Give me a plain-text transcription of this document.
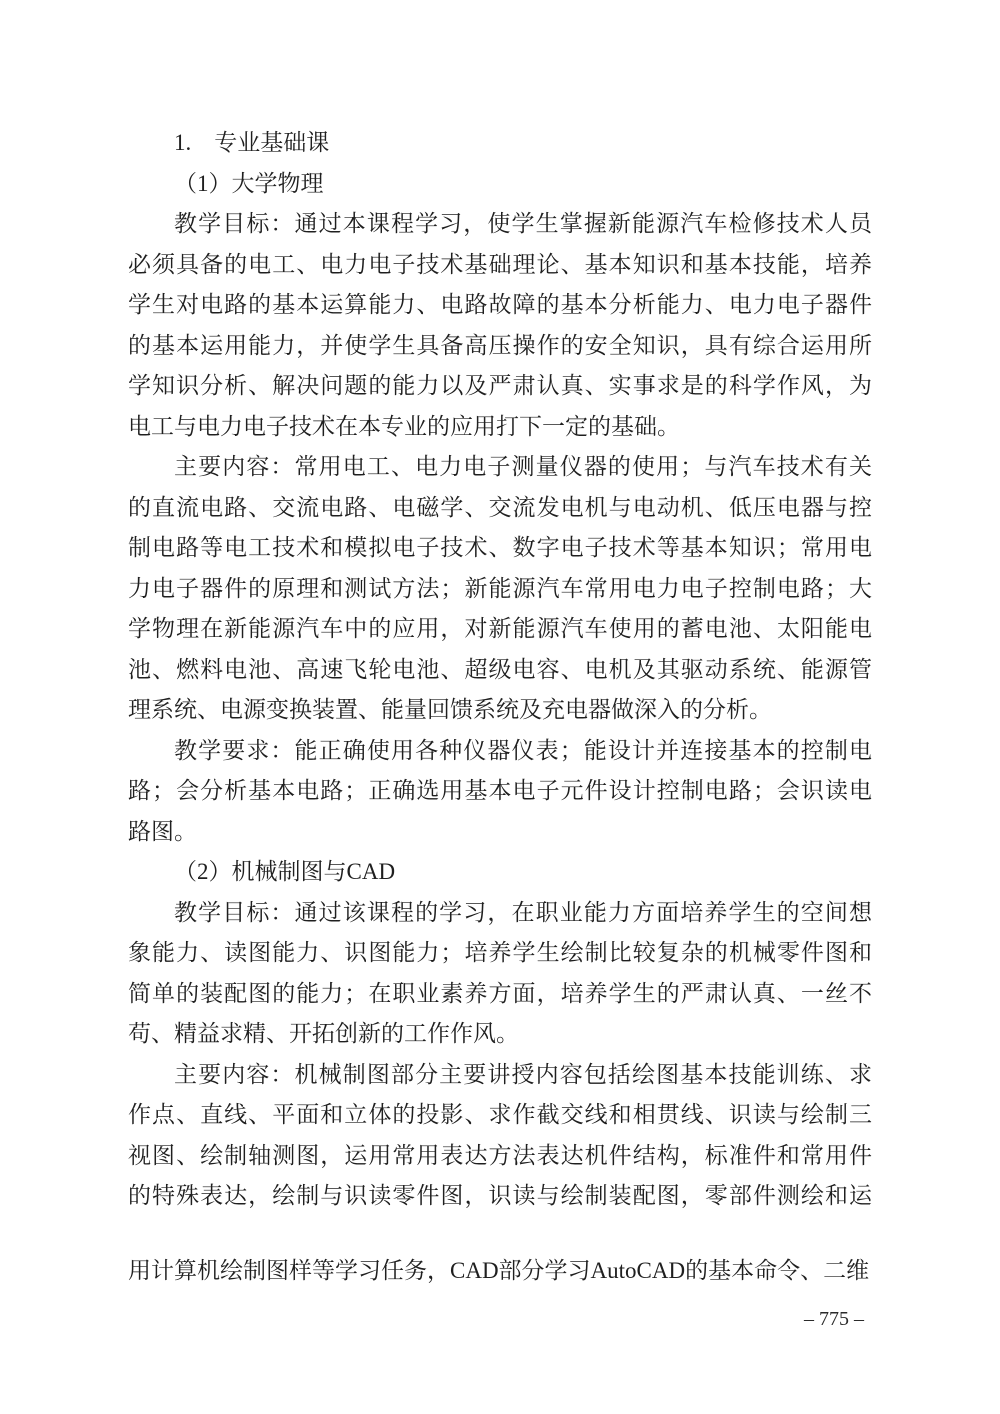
1.　专业基础课
（1）大学物理
教学目标：通过本课程学习，使学生掌握新能源汽车检修技术人员
必须具备的电工、电力电子技术基础理论、基本知识和基本技能，培养
学生对电路的基本运算能力、电路故障的基本分析能力、电力电子器件
的基本运用能力，并使学生具备高压操作的安全知识，具有综合运用所
学知识分析、解决问题的能力以及严肃认真、实事求是的科学作风，为
电工与电力电子技术在本专业的应用打下一定的基础。
主要内容：常用电工、电力电子测量仪器的使用；与汽车技术有关
的直流电路、交流电路、电磁学、交流发电机与电动机、低压电器与控
制电路等电工技术和模拟电子技术、数字电子技术等基本知识；常用电
力电子器件的原理和测试方法；新能源汽车常用电力电子控制电路；大
学物理在新能源汽车中的应用，对新能源汽车使用的蓄电池、太阳能电
池、燃料电池、高速飞轮电池、超级电容、电机及其驱动系统、能源管
理系统、电源变换装置、能量回馈系统及充电器做深入的分析。
教学要求：能正确使用各种仪器仪表；能设计并连接基本的控制电
路；会分析基本电路；正确选用基本电子元件设计控制电路；会识读电
路图。
（2）机械制图与CAD
教学目标：通过该课程的学习，在职业能力方面培养学生的空间想
象能力、读图能力、识图能力；培养学生绘制比较复杂的机械零件图和
简单的装配图的能力；在职业素养方面，培养学生的严肃认真、一丝不
苟、精益求精、开拓创新的工作作风。
主要内容：机械制图部分主要讲授内容包括绘图基本技能训练、求
作点、直线、平面和立体的投影、求作截交线和相贯线、识读与绘制三
视图、绘制轴测图，运用常用表达方法表达机件结构，标准件和常用件
的特殊表达，绘制与识读零件图，识读与绘制装配图，零部件测绘和运
用计算机绘制图样等学习任务，CAD部分学习AutoCAD的基本命令、二维
– 775 –
